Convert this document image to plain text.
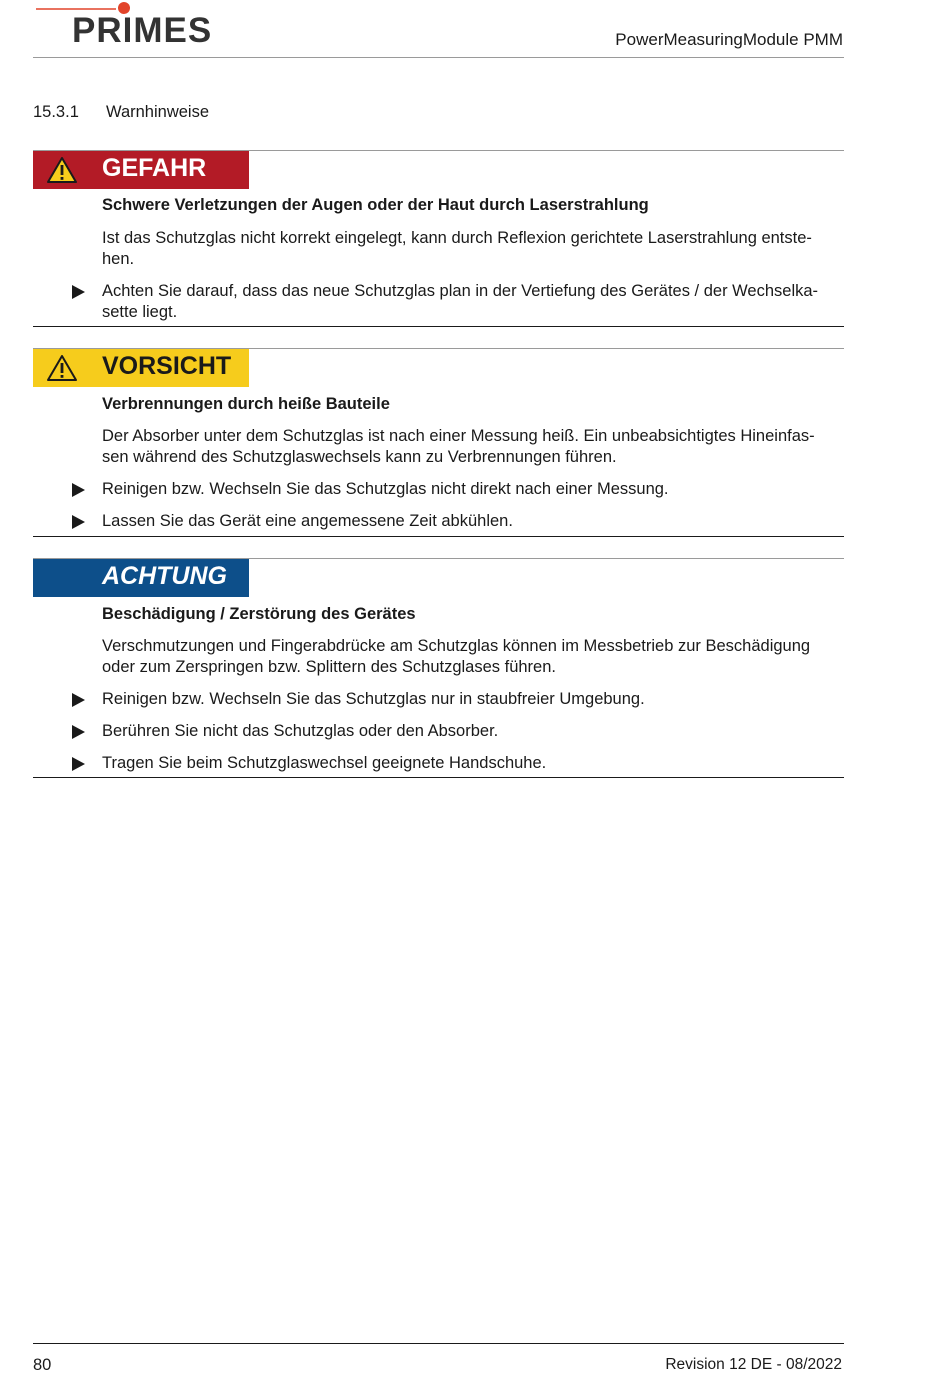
PRIMES	PowerMeasuringModule PMM
15.3.1 Warnhinweise
GEFAHR
Schwere Verletzungen der Augen oder der Haut durch Laserstrahlung
Ist das Schutzglas nicht korrekt eingelegt, kann durch Reflexion gerichtete Laserstrahlung entste-hen.
Achten Sie darauf, dass das neue Schutzglas plan in der Vertiefung des Gerätes / der Wechselka-sette liegt.
VORSICHT
Verbrennungen durch heiße Bauteile
Der Absorber unter dem Schutzglas ist nach einer Messung heiß. Ein unbeabsichtigtes Hineinfas-sen während des Schutzglaswechsels kann zu Verbrennungen führen.
Reinigen bzw. Wechseln Sie das Schutzglas nicht direkt nach einer Messung.
Lassen Sie das Gerät eine angemessene Zeit abkühlen.
ACHTUNG
Beschädigung / Zerstörung des Gerätes
Verschmutzungen und Fingerabdrücke am Schutzglas können im Messbetrieb zur Beschädigung oder zum Zerspringen bzw. Splittern des Schutzglases führen.
Reinigen bzw. Wechseln Sie das Schutzglas nur in staubfreier Umgebung.
Berühren Sie nicht das Schutzglas oder den Absorber.
Tragen Sie beim Schutzglaswechsel geeignete Handschuhe.
80	Revision 12 DE - 08/2022
